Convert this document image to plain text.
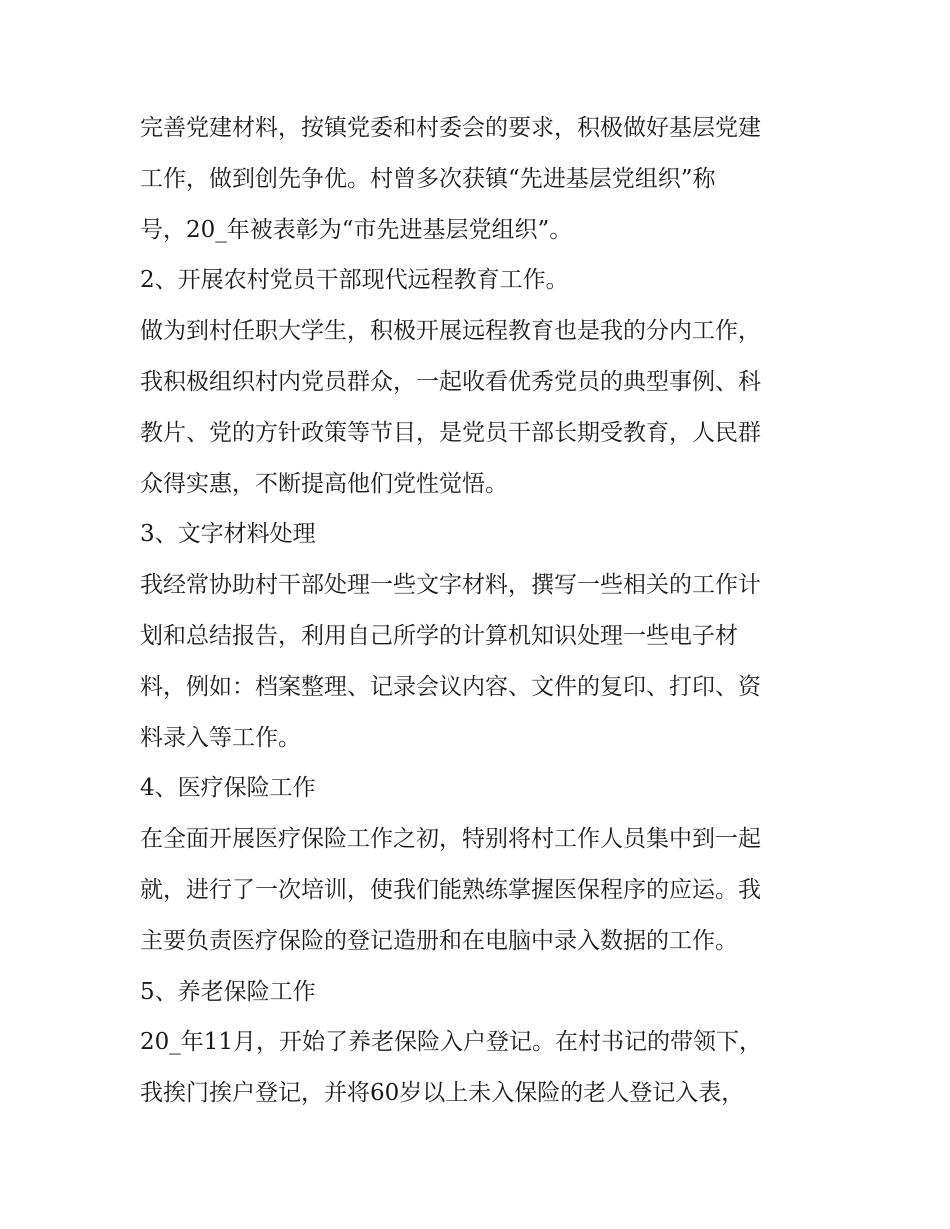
完善党建材料，按镇党委和村委会的要求，积极做好基层党建
工作，做到创先争优。村曾多次获镇“先进基层党组织”称
号，20_年被表彰为“市先进基层党组织”。
2、开展农村党员干部现代远程教育工作。
做为到村任职大学生，积极开展远程教育也是我的分内工作，
我积极组织村内党员群众，一起收看优秀党员的典型事例、科
教片、党的方针政策等节目，是党员干部长期受教育，人民群
众得实惠，不断提高他们党性觉悟。
3、文字材料处理
我经常协助村干部处理一些文字材料，撰写一些相关的工作计
划和总结报告，利用自己所学的计算机知识处理一些电子材
料，例如：档案整理、记录会议内容、文件的复印、打印、资
料录入等工作。
4、医疗保险工作
在全面开展医疗保险工作之初，特别将村工作人员集中到一起
就，进行了一次培训，使我们能熟练掌握医保程序的应运。我
主要负责医疗保险的登记造册和在电脑中录入数据的工作。
5、养老保险工作
20_年11月，开始了养老保险入户登记。在村书记的带领下，
我挨门挨户登记，并将60岁以上未入保险的老人登记入表，
